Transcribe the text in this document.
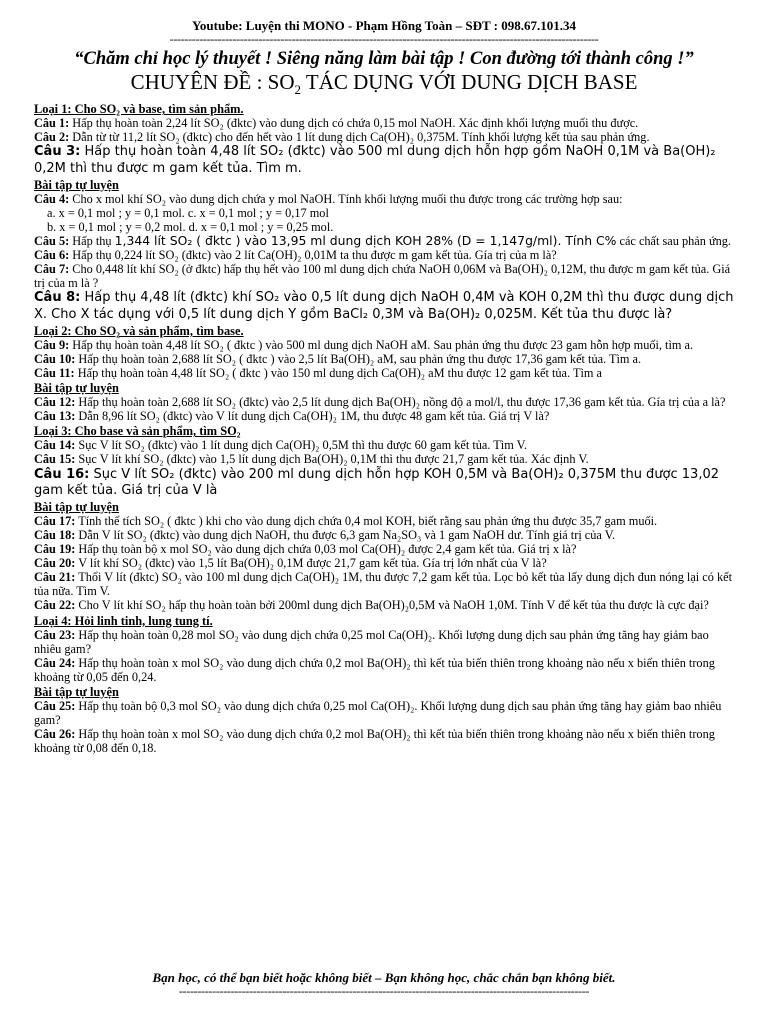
Youtube: Luyện thi MONO - Phạm Hồng Toàn – SĐT : 098.67.101.34
--------------------------------------------------------------------------------------------------------------------
“Chăm chỉ học lý thuyết ! Siêng năng làm bài tập ! Con đường tới thành công !”
CHUYÊN ĐỀ : $SO_2$ TÁC DỤNG VỚI DUNG DỊCH BASE
Loại 1: Cho SO₂ và base, tìm sản phẩm.
Câu 1: Hấp thụ hoàn toàn 2,24 lít SO₂ (đktc) vào dung dịch có chứa 0,15 mol NaOH. Xác định khối lượng muối thu được.
Câu 2: Dẫn từ từ 11,2 lít SO₂ (đktc) cho đến hết vào 1 lít dung dịch Ca(OH)₂ 0,375M. Tính khối lượng kết tủa sau phản ứng.
Câu 3: Hấp thụ hoàn toàn 4,48 lít SO₂ (đktc) vào 500 ml dung dịch hỗn hợp gồm NaOH 0,1M và Ba(OH)₂ 0,2M thì thu được m gam kết tủa. Tìm m.
Bài tập tự luyện
Câu 4: Cho x mol khí SO₂ vào dung dịch chứa y mol NaOH. Tính khối lượng muối thu được trong các trường hợp sau:
a. x = 0,1 mol ; y = 0,1 mol. c. x = 0,1 mol ; y = 0,17 mol
b. x = 0,1 mol ; y = 0,2 mol. d. x = 0,1 mol ; y = 0,25 mol.
Câu 5: Hấp thụ 1,344 lít SO₂ ( đktc ) vào 13,95 ml dung dịch KOH 28% (D = 1,147g/ml). Tính C% các chất sau phản ứng.
Câu 6: Hấp thụ 0,224 lít SO₂ (đktc) vào 2 lít Ca(OH)₂ 0,01M ta thu được m gam kết tủa. Gía trị của m là?
Câu 7: Cho 0,448 lít khí SO₂ (ở đktc) hấp thụ hết vào 100 ml dung dịch chứa NaOH 0,06M và Ba(OH)₂ 0,12M, thu được m gam kết tủa. Giá trị của m là ?
Câu 8: Hấp thụ 4,48 lít (đktc) khí SO₂ vào 0,5 lít dung dịch NaOH 0,4M và KOH 0,2M thì thu được dung dịch X. Cho X tác dụng với 0,5 lít dung dịch Y gồm BaCl₂ 0,3M và Ba(OH)₂ 0,025M. Kết tủa thu được là?
Loại 2: Cho SO₂ và sản phẩm, tìm base.
Câu 9: Hấp thụ hoàn toàn 4,48 lít SO₂ ( đktc ) vào 500 ml dung dịch NaOH aM. Sau phản ứng thu được 23 gam hỗn hợp muối, tìm a.
Câu 10: Hấp thụ hoàn toàn 2,688 lít SO₂ ( đktc ) vào 2,5 lít Ba(OH)₂ aM, sau phản ứng thu được 17,36 gam kết tủa. Tìm a.
Câu 11: Hấp thụ hoàn toàn 4,48 lít SO₂ ( đktc ) vào 150 ml dung dịch Ca(OH)₂ aM thu được 12 gam kết tủa. Tìm a
Bài tập tự luyện
Câu 12: Hấp thụ hoàn toàn 2,688 lít SO₂ (đktc) vào 2,5 lít dung dịch Ba(OH)₂ nồng độ a mol/l, thu được 17,36 gam kết tủa. Gía trị của a là?
Câu 13: Dẫn 8,96 lít SO₂ (đktc) vào V lít dung dịch Ca(OH)₂ 1M, thu được 48 gam kết tủa. Giá trị V là?
Loại 3: Cho base và sản phẩm, tìm SO₂
Câu 14: Sục V lít SO₂ (đktc) vào 1 lít dung dịch Ca(OH)₂ 0,5M thì thu được 60 gam kết tủa. Tìm V.
Câu 15: Sục V lít khí SO₂ (đktc) vào 1,5 lít dung dịch Ba(OH)₂ 0,1M thì thu được 21,7 gam kết tủa. Xác định V.
Câu 16: Sục V lít SO₂ (đktc) vào 200 ml dung dịch hỗn hợp KOH 0,5M và Ba(OH)₂ 0,375M thu được 13,02 gam kết tủa. Giá trị của V là
Bài tập tự luyện
Câu 17: Tính thể tích SO₂ ( đktc ) khi cho vào dung dịch chứa 0,4 mol KOH, biết rằng sau phản ứng thu được 35,7 gam muối.
Câu 18: Dẫn V lít SO₂ (đktc) vào dung dịch NaOH, thu được 6,3 gam Na₂SO₃ và 1 gam NaOH dư. Tính giá trị của V.
Câu 19: Hấp thụ toàn bộ x mol SO₂ vào dung dịch chứa 0,03 mol Ca(OH)₂ được 2,4 gam kết tủa. Giá trị x là?
Câu 20: V lít khí SO₂ (đktc) vào 1,5 lít Ba(OH)₂ 0,1M được 21,7 gam kết tủa. Gía trị lớn nhất của V là?
Câu 21: Thổi V lít (đktc) SO₂ vào 100 ml dung dịch Ca(OH)₂ 1M, thu được 7,2 gam kết tủa. Lọc bỏ kết tủa lấy dung dịch đun nóng lại có kết tủa nữa. Tìm V.
Câu 22: Cho V lít khí SO₂ hấp thụ hoàn toàn bởi 200ml dung dịch Ba(OH)₂0,5M và NaOH 1,0M. Tính V để kết tủa thu được là cực đại?
Loại 4: Hỏi linh tinh, lung tung tí.
Câu 23: Hấp thụ hoàn toàn 0,28 mol SO₂ vào dung dịch chứa 0,25 mol Ca(OH)₂. Khối lượng dung dịch sau phản ứng tăng hay giảm bao nhiêu gam?
Câu 24: Hấp thụ hoàn toàn x mol SO₂ vào dung dịch chứa 0,2 mol Ba(OH)₂ thì kết tủa biến thiên trong khoảng nào nếu x biến thiên trong khoảng từ 0,05 đến 0,24.
Bài tập tự luyện
Câu 25: Hấp thụ toàn bộ 0,3 mol SO₂ vào dung dịch chứa 0,25 mol Ca(OH)₂. Khối lượng dung dịch sau phản ứng tăng hay giảm bao nhiêu gam?
Câu 26: Hấp thụ hoàn toàn x mol SO₂ vào dung dịch chứa 0,2 mol Ba(OH)₂ thì kết tủa biến thiên trong khoảng nào nếu x biến thiên trong khoảng từ 0,08 đến 0,18.
Bạn học, có thể bạn biết hoặc không biết – Bạn không học, chắc chắn bạn không biết.
---------------------------------------------------------------------------------------------------------------
